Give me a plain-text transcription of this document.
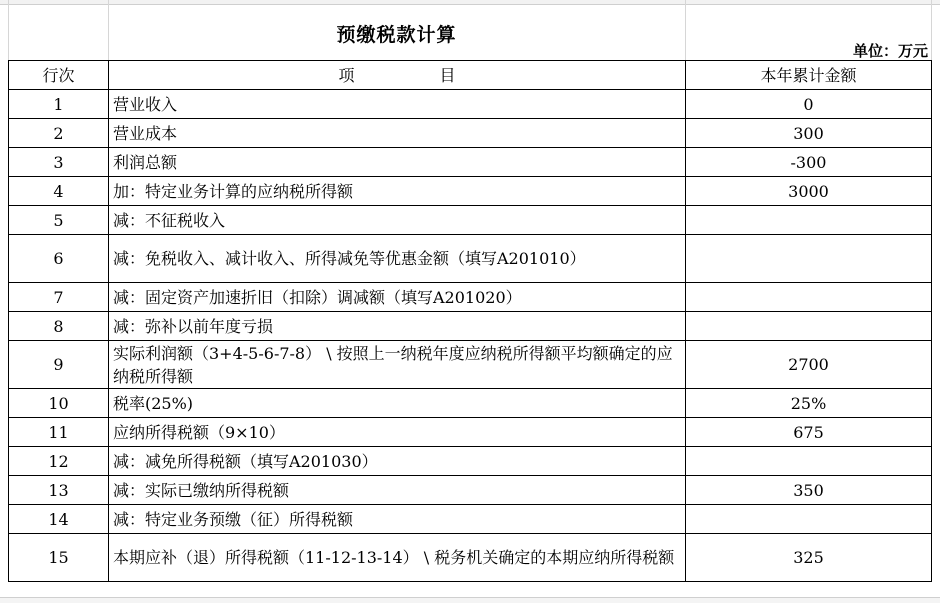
预缴税款计算
单位：万元
行次	项 目	本年累计金额
1	营业收入	0
2	营业成本	300
3	利润总额	-300
4	加：特定业务计算的应纳税所得额	3000
5	减：不征税收入	
6	减：免税收入、减计收入、所得减免等优惠金额（填写A201010）	
7	减：固定资产加速折旧（扣除）调减额（填写A201020）	
8	减：弥补以前年度亏损	
9	实际利润额（3+4-5-6-7-8） \ 按照上一纳税年度应纳税所得额平均额确定的应纳税所得额	2700
10	税率(25%)	25%
11	应纳所得税额（9×10）	675
12	减：减免所得税额（填写A201030）	
13	减：实际已缴纳所得税额	350
14	减：特定业务预缴（征）所得税额	
15	本期应补（退）所得税额（11-12-13-14） \ 税务机关确定的本期应纳所得税额	325
